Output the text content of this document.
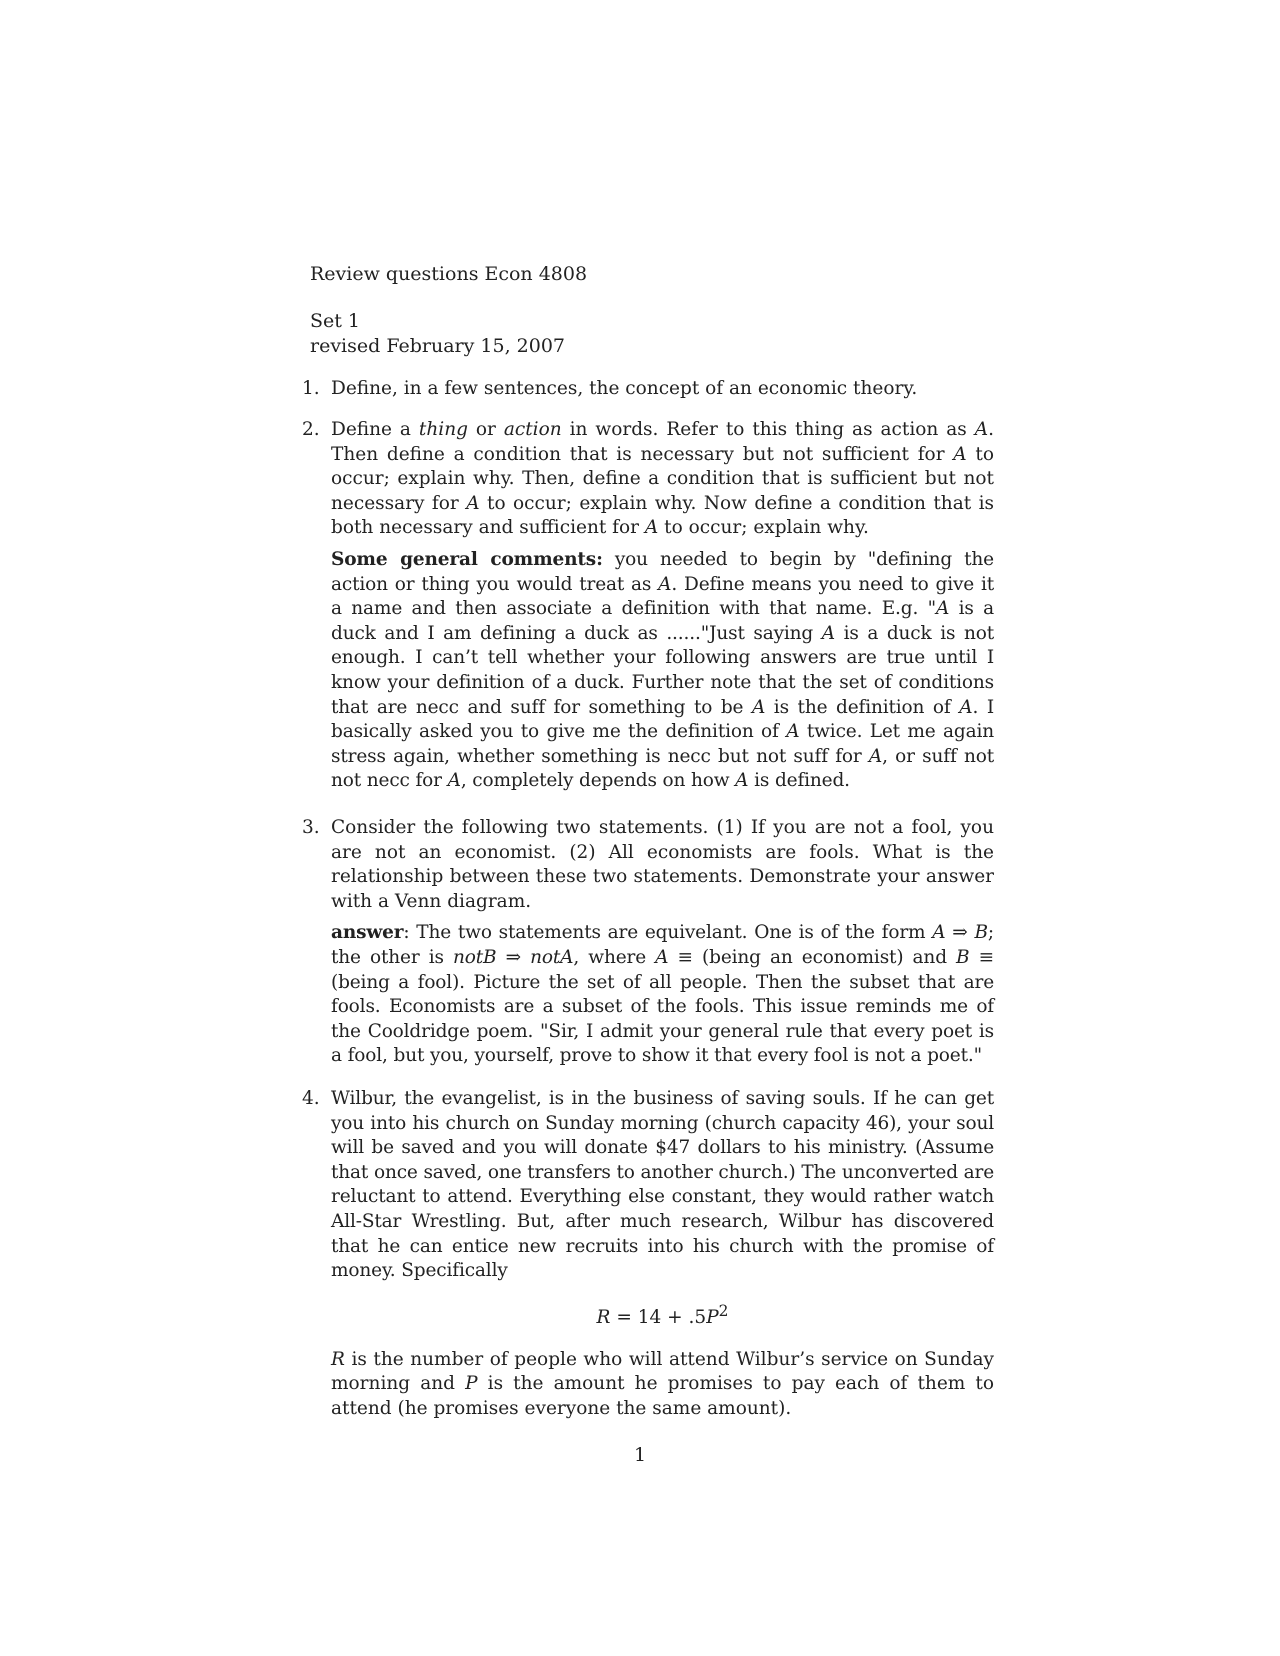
Review questions Econ 4808
Set 1
revised February 15, 2007
1. Define, in a few sentences, the concept of an economic theory.

2. Define a thing or action in words. Refer to this thing as action as A. Then define a condition that is necessary but not sufficient for A to occur; explain why. Then, define a condition that is sufficient but not necessary for A to occur; explain why. Now define a condition that is both necessary and sufficient for A to occur; explain why.

Some general comments: you needed to begin by "defining the action or thing you would treat as A. Define means you need to give it a name and then associate a definition with that name. E.g. "A is a duck and I am defining a duck as ......"Just saying A is a duck is not enough. I can’t tell whether your following answers are true until I know your definition of a duck. Further note that the set of conditions that are necc and suff for something to be A is the definition of A. I basically asked you to give me the definition of A twice. Let me again stress again, whether something is necc but not suff for A, or suff not not necc for A, completely depends on how A is defined.

3. Consider the following two statements. (1) If you are not a fool, you are not an economist. (2) All economists are fools. What is the relationship between these two statements. Demonstrate your answer with a Venn diagram.

answer: The two statements are equivelant. One is of the form A ⇒ B; the other is notB ⇒ notA, where A ≡ (being an economist) and B ≡ (being a fool). Picture the set of all people. Then the subset that are fools. Economists are a subset of the fools. This issue reminds me of the Cooldridge poem. "Sir, I admit your general rule that every poet is a fool, but you, yourself, prove to show it that every fool is not a poet."

4. Wilbur, the evangelist, is in the business of saving souls. If he can get you into his church on Sunday morning (church capacity 46), your soul will be saved and you will donate $47 dollars to his ministry. (Assume that once saved, one transfers to another church.) The unconverted are reluctant to attend. Everything else constant, they would rather watch All-Star Wrestling. But, after much research, Wilbur has discovered that he can entice new recruits into his church with the promise of money. Specifically

$R = 14 + .5P^2$

R is the number of people who will attend Wilbur’s service on Sunday morning and P is the amount he promises to pay each of them to attend (he promises everyone the same amount).

1
